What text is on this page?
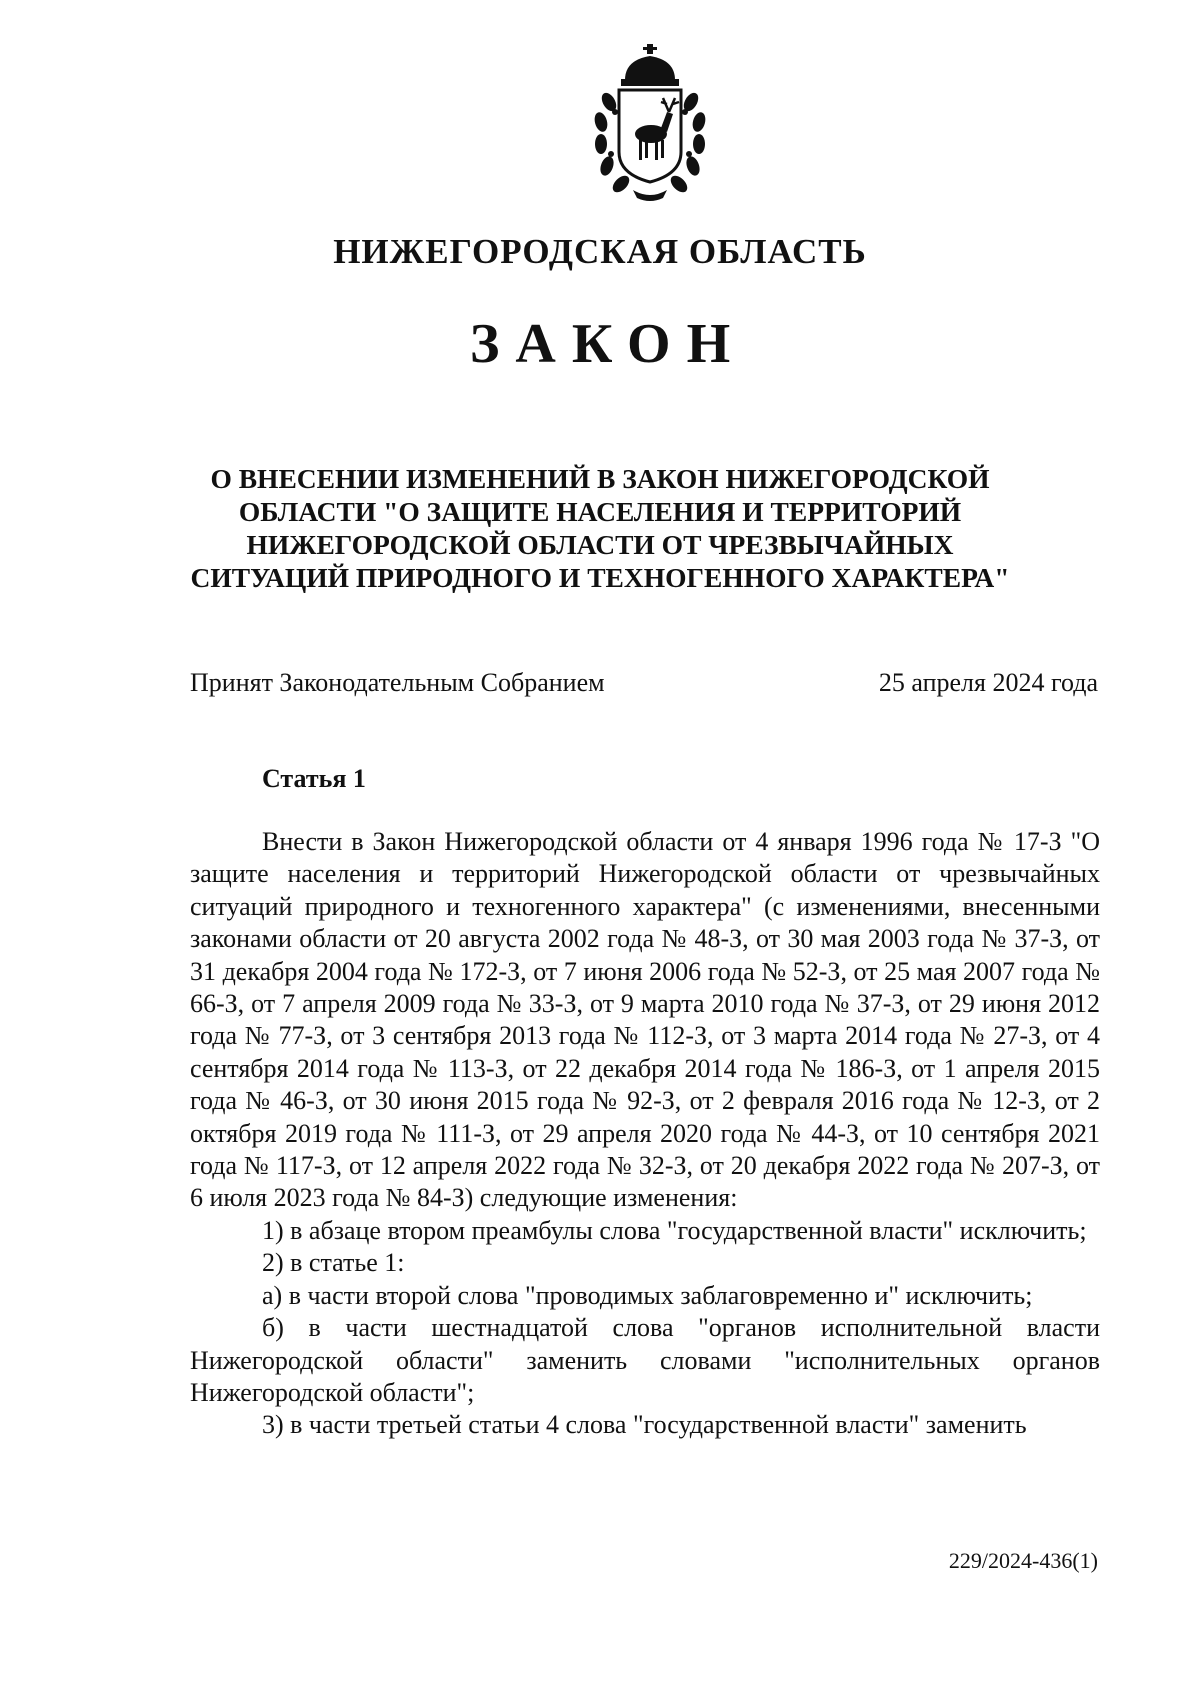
НИЖЕГОРОДСКАЯ ОБЛАСТЬ
ЗАКОН
О ВНЕСЕНИИ ИЗМЕНЕНИЙ В ЗАКОН НИЖЕГОРОДСКОЙ ОБЛАСТИ "О ЗАЩИТЕ НАСЕЛЕНИЯ И ТЕРРИТОРИЙ НИЖЕГОРОДСКОЙ ОБЛАСТИ ОТ ЧРЕЗВЫЧАЙНЫХ СИТУАЦИЙ ПРИРОДНОГО И ТЕХНОГЕННОГО ХАРАКТЕРА"
Принят Законодательным Собранием	25 апреля 2024 года
Статья 1

Внести в Закон Нижегородской области от 4 января 1996 года № 17-З "О защите населения и территорий Нижегородской области от чрезвычайных ситуаций природного и техногенного характера" (с изменениями, внесенными законами области от 20 августа 2002 года № 48-З, от 30 мая 2003 года № 37-З, от 31 декабря 2004 года № 172-З, от 7 июня 2006 года № 52-З, от 25 мая 2007 года № 66-З, от 7 апреля 2009 года № 33-З, от 9 марта 2010 года № 37-З, от 29 июня 2012 года № 77-З, от 3 сентября 2013 года № 112-З, от 3 марта 2014 года № 27-З, от 4 сентября 2014 года № 113-З, от 22 декабря 2014 года № 186-З, от 1 апреля 2015 года № 46-З, от 30 июня 2015 года № 92-З, от 2 февраля 2016 года № 12-З, от 2 октября 2019 года № 111-З, от 29 апреля 2020 года № 44-З, от 10 сентября 2021 года № 117-З, от 12 апреля 2022 года № 32-З, от 20 декабря 2022 года № 207-З, от 6 июля 2023 года № 84-З) следующие изменения:

1) в абзаце втором преамбулы слова "государственной власти" исключить;

2) в статье 1:

а) в части второй слова "проводимых заблаговременно и" исключить;

б) в части шестнадцатой слова "органов исполнительной власти Нижегородской области" заменить словами "исполнительных органов Нижегородской области";

3) в части третьей статьи 4 слова "государственной власти" заменить

229/2024-436(1)
